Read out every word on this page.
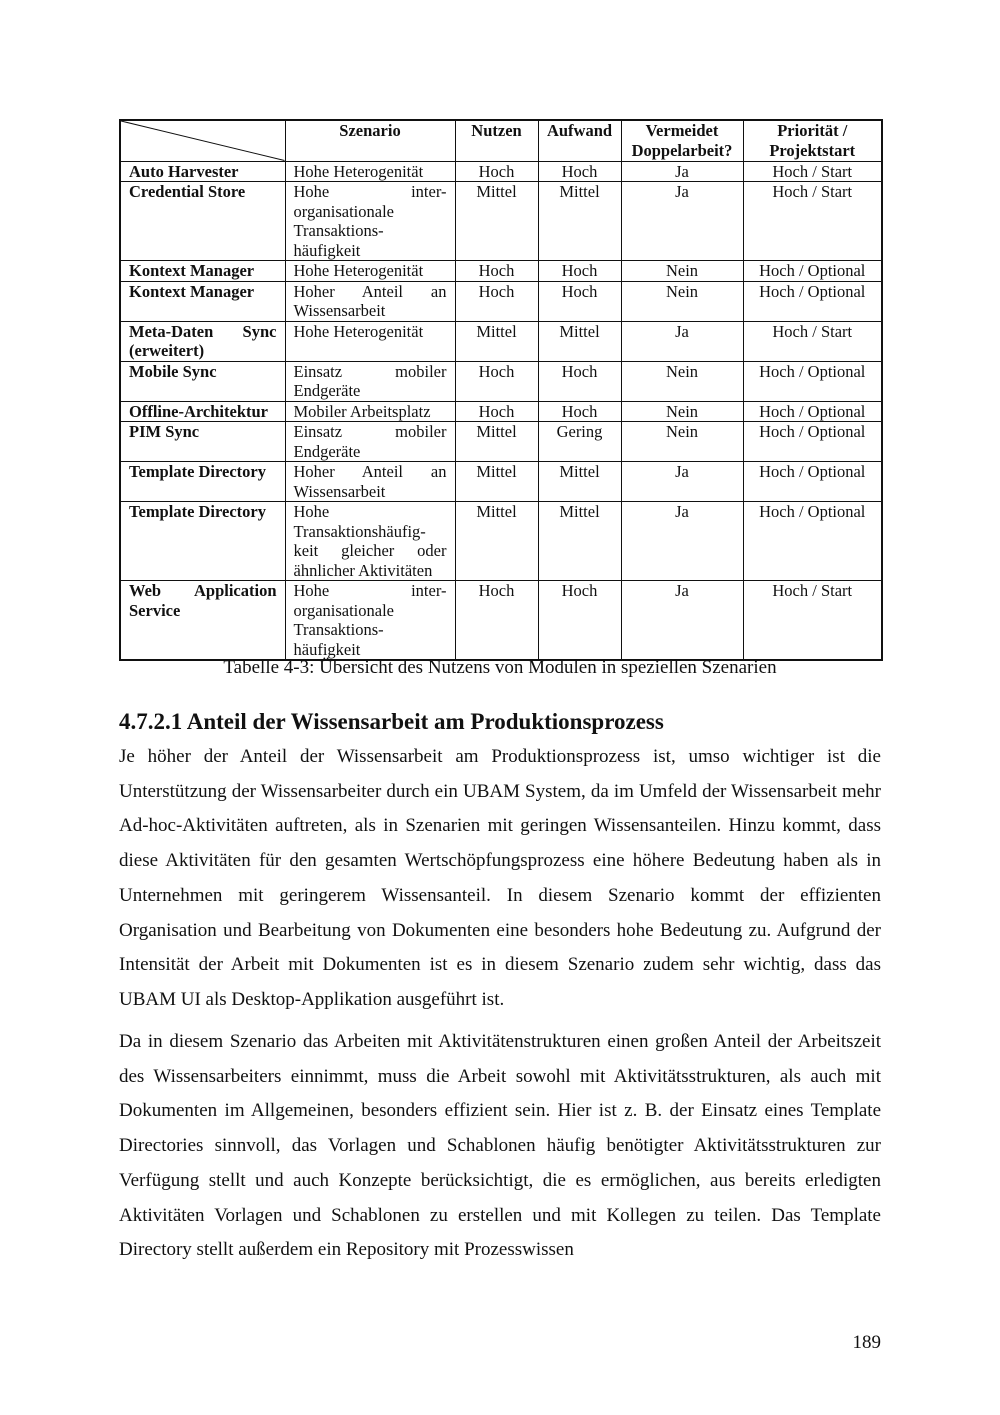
	Szenario	Nutzen	Aufwand	Vermeidet Doppelarbeit?	Priorität / Projektstart
Auto Harvester	Hohe Heterogenität	Hoch	Hoch	Ja	Hoch / Start
Credential Store	Hohe inter-organisationale Transaktions-häufigkeit	Mittel	Mittel	Ja	Hoch / Start
Kontext Manager	Hohe Heterogenität	Hoch	Hoch	Nein	Hoch / Optional
Kontext Manager	Hoher Anteil an Wissensarbeit	Hoch	Hoch	Nein	Hoch / Optional
Meta-Daten Sync (erweitert)	Hohe Heterogenität	Mittel	Mittel	Ja	Hoch / Start
Mobile Sync	Einsatz mobiler Endgeräte	Hoch	Hoch	Nein	Hoch / Optional
Offline-Architektur	Mobiler Arbeitsplatz	Hoch	Hoch	Nein	Hoch / Optional
PIM Sync	Einsatz mobiler Endgeräte	Mittel	Gering	Nein	Hoch / Optional
Template Directory	Hoher Anteil an Wissensarbeit	Mittel	Mittel	Ja	Hoch / Optional
Template Directory	Hohe Transaktionshäufig-keit gleicher oder ähnlicher Aktivitäten	Mittel	Mittel	Ja	Hoch / Optional
Web Application Service	Hohe inter-organisationale Transaktions-häufigkeit	Hoch	Hoch	Ja	Hoch / Start
Tabelle 4-3: Übersicht des Nutzens von Modulen in speziellen Szenarien
4.7.2.1 Anteil der Wissensarbeit am Produktionsprozess

Je höher der Anteil der Wissensarbeit am Produktionsprozess ist, umso wichtiger ist die Unterstützung der Wissensarbeiter durch ein UBAM System, da im Umfeld der Wissensarbeit mehr Ad-hoc-Aktivitäten auftreten, als in Szenarien mit geringen Wissensanteilen. Hinzu kommt, dass diese Aktivitäten für den gesamten Wertschöpfungsprozess eine höhere Bedeutung haben als in Unternehmen mit geringerem Wissensanteil. In diesem Szenario kommt der effizienten Organisation und Bearbeitung von Dokumenten eine besonders hohe Bedeutung zu. Aufgrund der Intensität der Arbeit mit Dokumenten ist es in diesem Szenario zudem sehr wichtig, dass das UBAM UI als Desktop-Applikation ausgeführt ist.

Da in diesem Szenario das Arbeiten mit Aktivitätenstrukturen einen großen Anteil der Arbeitszeit des Wissensarbeiters einnimmt, muss die Arbeit sowohl mit Aktivitätsstrukturen, als auch mit Dokumenten im Allgemeinen, besonders effizient sein. Hier ist z. B. der Einsatz eines Template Directories sinnvoll, das Vorlagen und Schablonen häufig benötigter Aktivitätsstrukturen zur Verfügung stellt und auch Konzepte berücksichtigt, die es ermöglichen, aus bereits erledigten Aktivitäten Vorlagen und Schablonen zu erstellen und mit Kollegen zu teilen. Das Template Directory stellt außerdem ein Repository mit Prozesswissen

189
